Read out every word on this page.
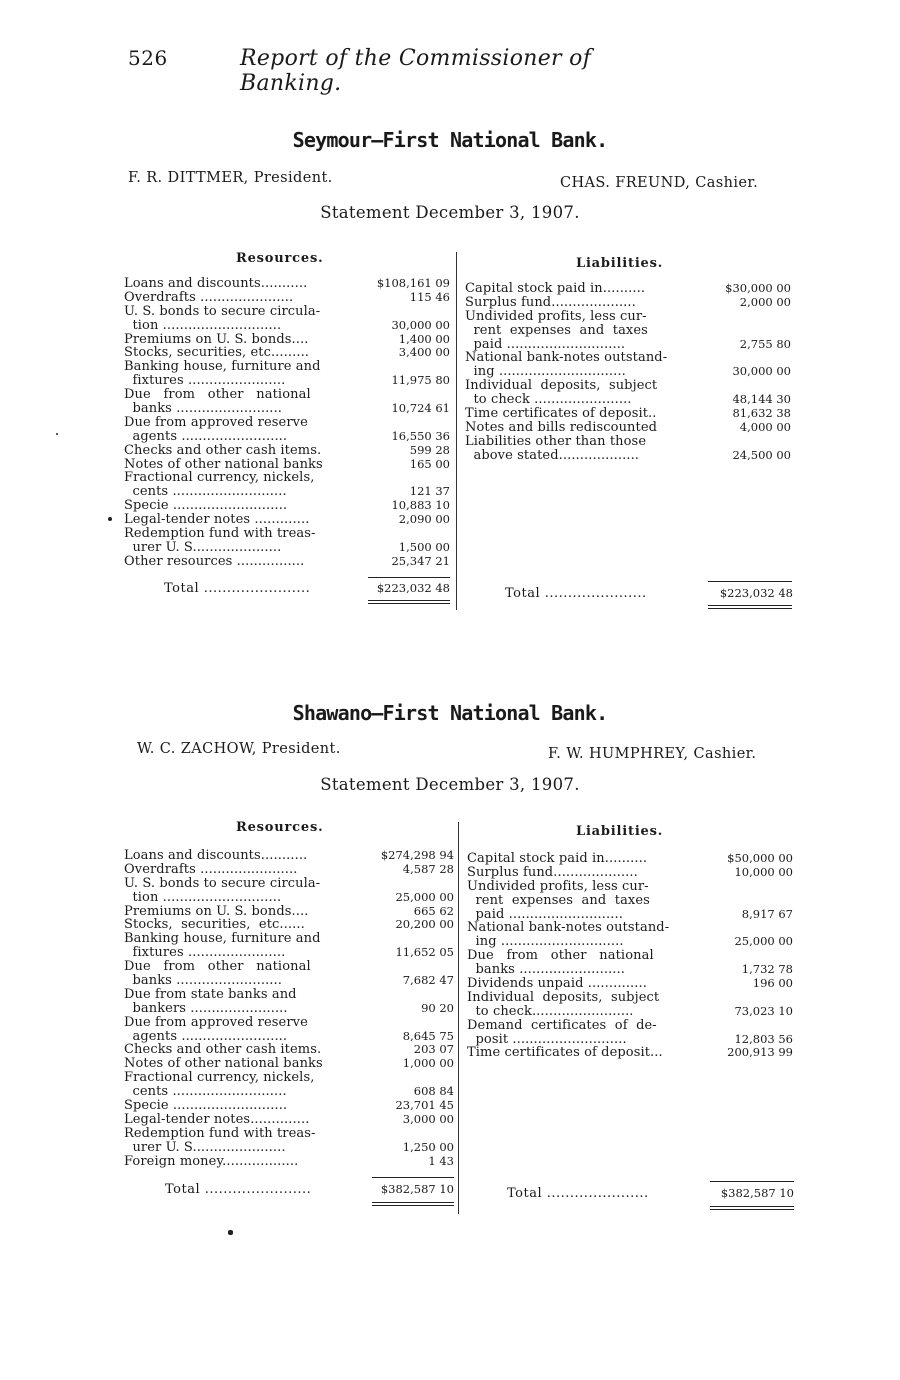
526	Report of the Commissioner of Banking.
Seymour—First National Bank.
F. R. DITTMER, President.	CHAS. FREUND, Cashier.
Statement December 3, 1907.
Resources.	Liabilities.
Loans and discounts...........	$108,161 09
Overdrafts ......................	115 46
U. S. bonds to secure circula-
tion ............................	30,000 00
Premiums on U. S. bonds....	1,400 00
Stocks, securities, etc.........	3,400 00
Banking house, furniture and
fixtures .......................	11,975 80
Due   from   other   national
banks .........................	10,724 61
Due from approved reserve
agents .........................	16,550 36
Checks and other cash items.	599 28
Notes of other national banks	165 00
Fractional currency, nickels,
cents ...........................	121 37
Specie ...........................	10,883 10
Legal-tender notes .............	2,090 00
Redemption fund with treas-
urer U. S.....................	1,500 00
Other resources ................	25,347 21
Capital stock paid in..........	$30,000 00
Surplus fund....................	2,000 00
Undivided profits, less cur-
rent  expenses  and  taxes
paid ............................	2,755 80
National bank-notes outstand-
ing ..............................	30,000 00
Individual  deposits,  subject
to check .......................	48,144 30
Time certificates of deposit..	81,632 38
Notes and bills rediscounted	4,000 00
Liabilities other than those
above stated...................	24,500 00
Total .......................	$223,032 48	Total ......................	$223,032 48
Shawano—First National Bank.
W. C. ZACHOW, President.	F. W. HUMPHREY, Cashier.
Statement December 3, 1907.
Resources.	Liabilities.
Loans and discounts...........	$274,298 94
Overdrafts .......................	4,587 28
U. S. bonds to secure circula-
tion ............................	25,000 00
Premiums on U. S. bonds....	665 62
Stocks,  securities,  etc......	20,200 00
Banking house, furniture and
fixtures .......................	11,652 05
Due   from   other   national
banks .........................	7,682 47
Due from state banks and
bankers .......................	90 20
Due from approved reserve
agents .........................	8,645 75
Checks and other cash items.	203 07
Notes of other national banks	1,000 00
Fractional currency, nickels,
cents ...........................	608 84
Specie ...........................	23,701 45
Legal-tender notes..............	3,000 00
Redemption fund with treas-
urer U. S......................	1,250 00
Foreign money..................	1 43
Capital stock paid in..........	$50,000 00
Surplus fund....................	10,000 00
Undivided profits, less cur-
rent  expenses  and  taxes
paid ...........................	8,917 67
National bank-notes outstand-
ing .............................	25,000 00
Due   from   other   national
banks .........................	1,732 78
Dividends unpaid ..............	196 00
Individual  deposits,  subject
to check........................	73,023 10
Demand  certificates  of  de-
posit ...........................	12,803 56
Time certificates of deposit...	200,913 99
Total .......................	$382,587 10	Total ......................	$382,587 10
